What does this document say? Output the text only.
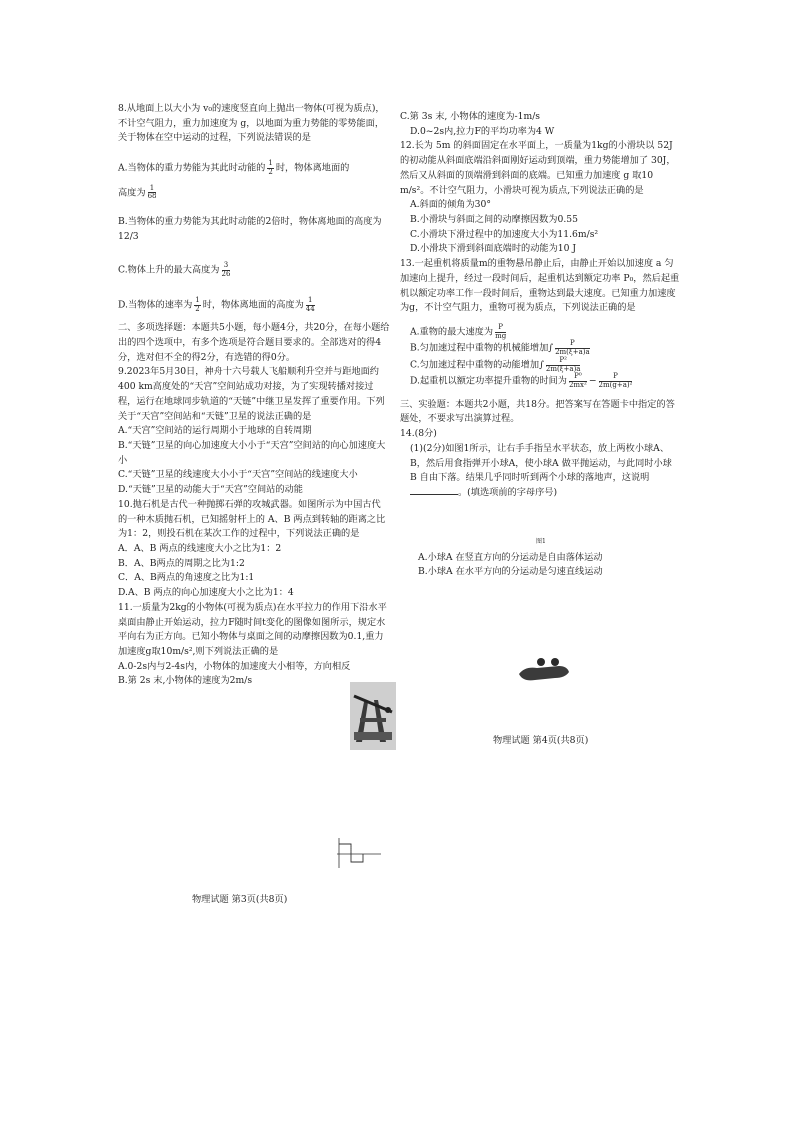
8.从地面上以大小为 v₀的速度竖直向上抛出一物体(可视为质点)，不计空气阻力，重力加速度为 g，以地面为重力势能的零势能面，关于物体在空中运动的过程，下列说法错误的是

A.当物体的重力势能为其此时动能的 $\frac{1}{2}$ 时，物体离地面的

高度为 $\frac{1}{68}$

B.当物体的重力势能为其此时动能的2倍时，物体离地面的高度为12/3

C.物体上升的最大高度为 $\frac{3}{26}$

D.当物体的速率为 $\frac{1}{2}$ 时，物体离地面的高度为 $\frac{1}{44}$

二、多项选择题：本题共5小题，每小题4分，共20分，在每小题给出的四个选项中，有多个选项是符合题目要求的。全部选对的得4分，选对但不全的得2分，有选错的得0分。

9.2023年5月30日，神舟十六号载人飞船顺利升空并与距地面约400 km高度处的“天宫”空间站成功对接，为了实现转播对接过程，运行在地球同步轨道的“天链”中继卫星发挥了重要作用。下列关于“天宫”空间站和“天链”卫星的说法正确的是

A.“天宫”空间站的运行周期小于地球的自转周期

B.“天链”卫星的向心加速度大小小于“天宫”空间站的向心加速度大小

C.“天链”卫星的线速度大小小于“天宫”空间站的线速度大小

D.“天链”卫星的动能大于“天宫”空间站的动能

10.抛石机是古代一种抛掷石弹的攻城武器。如图所示为中国古代的一种木质抛石机，已知摇射杆上的 A、B 两点到转轴的距离之比为1：2，则投石机在某次工作的过程中，下列说法正确的是

A．A、B 两点的线速度大小之比为1：2

B．A、B两点的周期之比为1:2

C．A、B两点的角速度之比为1:1

D.A、B 两点的向心加速度大小之比为1：4

11.一质量为2kg的小物体(可视为质点)在水平拉力的作用下沿水平桌面由静止开始运动，拉力F随时间t变化的图像如图所示，规定水平向右为正方向。已知小物体与桌面之间的动摩擦因数为0.1,重力加速度g取10m/s²,则下列说法正确的是

A.0-2s内与2-4s内，小物体的加速度大小相等，方向相反

B.第 2s 末,小物体的速度为2m/s

物理试题 第3页(共8页)

C.第 3s 末, 小物体的速度为-1m/s

D.0~2s内,拉力F的平均功率为4 W

12.长为 5m 的斜面固定在水平面上，一质量为1kg的小滑块以 52J 的初动能从斜面底端沿斜面刚好运动到顶端，重力势能增加了 30J，然后又从斜面的顶端滑到斜面的底端。已知重力加速度 g 取10 m/s²。不计空气阻力，小滑块可视为质点,下列说法正确的是

A.斜面的倾角为30°

B.小滑块与斜面之间的动摩擦因数为0.55

C.小滑块下滑过程中的加速度大小为11.6m/s²

D.小滑块下滑到斜面底端时的动能为10 J

13.一起重机将质量m的重物悬吊静止后，由静止开始以加速度 a 匀加速向上提升，经过一段时间后，起重机达到额定功率 P₀，然后起重机以额定功率工作一段时间后，重物达到最大速度。已知重力加速度为g，不计空气阻力，重物可视为质点，下列说法正确的是

A.重物的最大速度为 $\frac{P}{mg}$

B.匀加速过程中重物的机械能增加∫ $\frac{P}{2m(\xi+a)a}$

C.匀加速过程中重物的动能增加∫ $\frac{\text{P²}}{2m(\xi+a)a}$

D.起重机以额定功率提升重物的时间为 $\frac{\text{P⁰}}{\text{2mx²}} - \frac{P}{\text{2m(g+a)²}}$

三、实验题：本题共2小题，共18分。把答案写在答题卡中指定的答题处，不要求写出演算过程。

14.(8分)

(1)(2分)如图1所示，让右手手指呈水平状态，放上两枚小球A、B，然后用食指弹开小球A，使小球A 做平抛运动，与此同时小球 B 自由下落。结果几乎同时听到两个小球的落地声，这说明。(填选项前的字母序号)

图1

A.小球A 在竖直方向的分运动是自由落体运动

B.小球A 在水平方向的分运动是匀速直线运动

物理试题 第4页(共8页)
